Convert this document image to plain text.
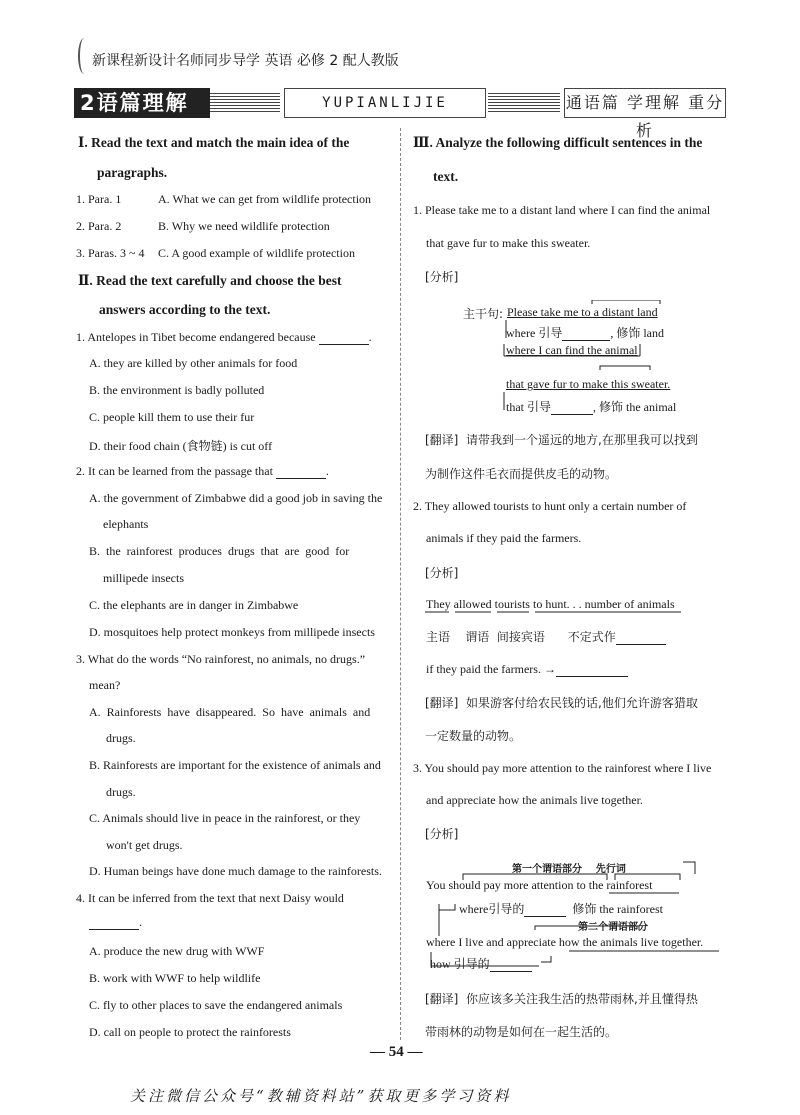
新课程新设计名师同步导学 英语 必修 2 配人教版
2语篇理解	YUPIANLIJIE	通语篇 学理解 重分析
Ⅰ. Read the text and match the main idea of the
paragraphs.
1. Para. 1	A. What we can get from wildlife protection
2. Para. 2	B. Why we need wildlife protection
3. Paras. 3 ~ 4 C. A good example of wildlife protection
Ⅱ. Read the text carefully and choose the best
answers according to the text.
1. Antelopes in Tibet become endangered because	.
A. they are killed by other animals for food
B. the environment is badly polluted
C. people kill them to use their fur
D. their food chain (食物链) is cut off
2. It can be learned from the passage that	.
A. the government of Zimbabwe did a good job in saving the
elephants
B.  the  rainforest  produces  drugs  that  are  good  for
millipede insects
C. the elephants are in danger in Zimbabwe
D. mosquitoes help protect monkeys from millipede insects
3. What do the words “No rainforest, no animals, no drugs.”
mean?
A.  Rainforests  have  disappeared.  So  have  animals  and
drugs.
B. Rainforests are important for the existence of animals and
drugs.
C. Animals should live in peace in the rainforest, or they
won't get drugs.
D. Human beings have done much damage to the rainforests.
4. It can be inferred from the text that next Daisy would
.
A. produce the new drug with WWF
B. work with WWF to help wildlife
C. fly to other places to save the endangered animals
D. call on people to protect the rainforests
Ⅲ. Analyze the following difficult sentences in the
text.
1. Please take me to a distant land where I can find the animal
that gave fur to make this sweater.
[分析]
主干句: Please take me to a distant land
where 引导	, 修饰 land
where I can find the animal
that gave fur to make this sweater.
that 引导	, 修饰 the animal
[翻译] 请带我到一个遥远的地方,在那里我可以找到
为制作这件毛衣而提供皮毛的动物。
2. They allowed tourists to hunt only a certain number of
animals if they paid the farmers.
[分析]
They allowed tourists to hunt. . . number of animals
主语    谓语  间接宾语      不定式作
if they paid the farmers. →
[翻译] 如果游客付给农民钱的话,他们允许游客猎取
一定数量的动物。
3. You should pay more attention to the rainforest where I live
and appreciate how the animals live together.
[分析]
第一个谓语部分    先行词
You should pay more attention to the rainforest
where引导的	修饰 the rainforest
第二个谓语部分
where I live and appreciate how the animals live together.
how 引导的
[翻译] 你应该多关注我生活的热带雨林,并且懂得热
带雨林的动物是如何在一起生活的。
— 54 —
关注微信公众号“教辅资料站”获取更多学习资料
